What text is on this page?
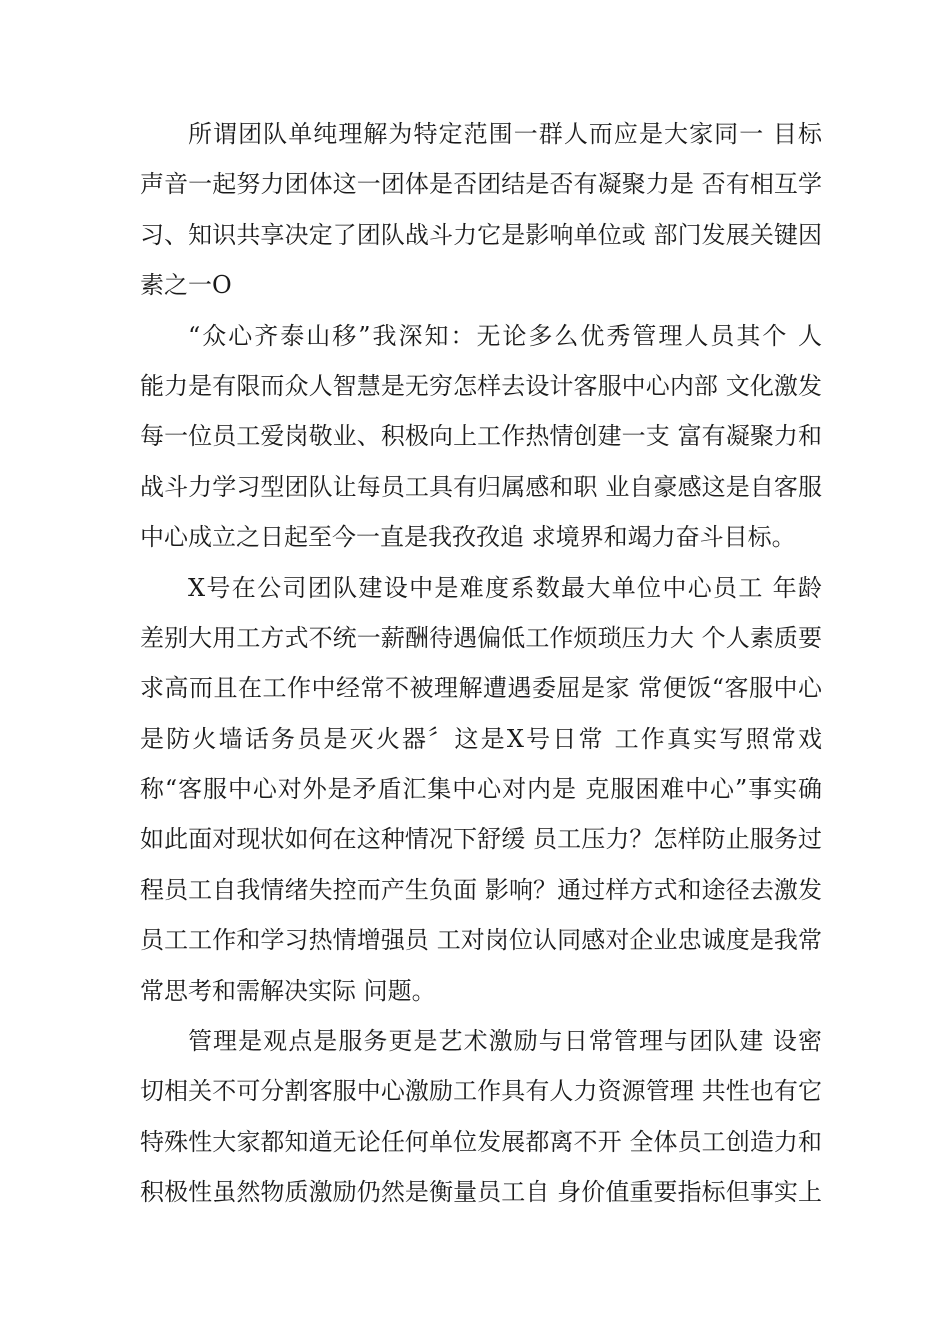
所谓团队单纯理解为特定范围一群人而应是大家同一 目标
声音一起努力团体这一团体是否团结是否有凝聚力是 否有相互学
习、知识共享决定了团队战斗力它是影响单位或 部门发展关键因
素之一O
“众心齐泰山移”我深知：无论多么优秀管理人员其个 人
能力是有限而众人智慧是无穷怎样去设计客服中心内部 文化激发
每一位员工爱岗敬业、积极向上工作热情创建一支 富有凝聚力和
战斗力学习型团队让每员工具有归属感和职 业自豪感这是自客服
中心成立之日起至今一直是我孜孜追 求境界和竭力奋斗目标。
X号在公司团队建设中是难度系数最大单位中心员工 年龄
差别大用工方式不统一薪酬待遇偏低工作烦琐压力大 个人素质要
求高而且在工作中经常不被理解遭遇委屈是家 常便饭“客服中心
是防火墙话务员是灭火器〞这是X号日常 工作真实写照常戏
称“客服中心对外是矛盾汇集中心对内是 克服困难中心”事实确
如此面对现状如何在这种情况下舒缓 员工压力？怎样防止服务过
程员工自我情绪失控而产生负面 影响？通过样方式和途径去激发
员工工作和学习热情增强员 工对岗位认同感对企业忠诚度是我常
常思考和需解决实际 问题。
管理是观点是服务更是艺术激励与日常管理与团队建 设密
切相关不可分割客服中心激励工作具有人力资源管理 共性也有它
特殊性大家都知道无论任何单位发展都离不开 全体员工创造力和
积极性虽然物质激励仍然是衡量员工自 身价值重要指标但事实上
